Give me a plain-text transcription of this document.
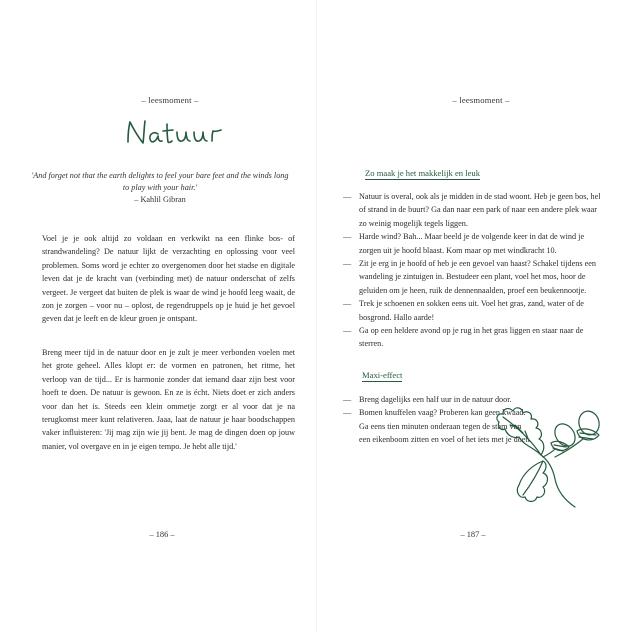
– leesmoment –
'And forget not that the earth delights to feel your bare feet and the winds long to play with your hair.'
– Kahlil Gibran
Voel je je ook altijd zo voldaan en verkwikt na een flinke bos- of strandwandeling? De natuur lijkt de verzachting en oplossing voor veel problemen. Soms word je echter zo overgenomen door het stadse en digitale leven dat je de kracht van (verbinding met) de natuur onderschat of zelfs vergeet. Je vergeet dat buiten de plek is waar de wind je hoofd leeg waait, de zon je zorgen – voor nu – oplost, de regendruppels op je huid je het gevoel geven dat je leeft en de kleur groen je ontspant.
Breng meer tijd in de natuur door en je zult je meer verbonden voelen met het grote geheel. Alles klopt er: de vormen en patronen, het ritme, het verloop van de tijd... Er is harmonie zonder dat iemand daar zijn best voor hoeft te doen. De natuur is gewoon. En ze is écht. Niets doet er zich anders voor dan het is. Steeds een klein ommetje zorgt er al voor dat je na terugkomst meer kunt relativeren. Jaaa, laat de natuur je haar boodschappen vaker influisteren: 'Jij mag zijn wie jij bent. Je mag de dingen doen op jouw manier, vol overgave en in je eigen tempo. Je hebt alle tijd.'
– 186 –
– leesmoment –
Zo maak je het makkelijk en leuk
— Natuur is overal, ook als je midden in de stad woont. Heb je geen bos, hel of strand in de buurt? Ga dan naar een park of naar een andere plek waar zo weinig mogelijk tegels liggen.
— Harde wind? Bah... Maar beeld je de volgende keer in dat de wind je zorgen uit je hoofd blaast. Kom maar op met windkracht 10.
— Zit je erg in je hoofd of heb je een gevoel van haast? Schakel tijdens een wandeling je zintuigen in. Bestudeer een plant, voel het mos, hoor de geluiden om je heen, ruik de dennennaalden, proef een beukennootje.
— Trek je schoenen en sokken eens uit. Voel het gras, zand, water of de bosgrond. Hallo aarde!
— Ga op een heldere avond op je rug in het gras liggen en staar naar de sterren.
Maxi-effect
— Breng dagelijks een half uur in de natuur door.
— Bomen knuffelen vaag? Proberen kan geen kwaad. Ga eens tien minuten onderaan tegen de stam van een eikenboom zitten en voel of het iets met je doet.
– 187 –
